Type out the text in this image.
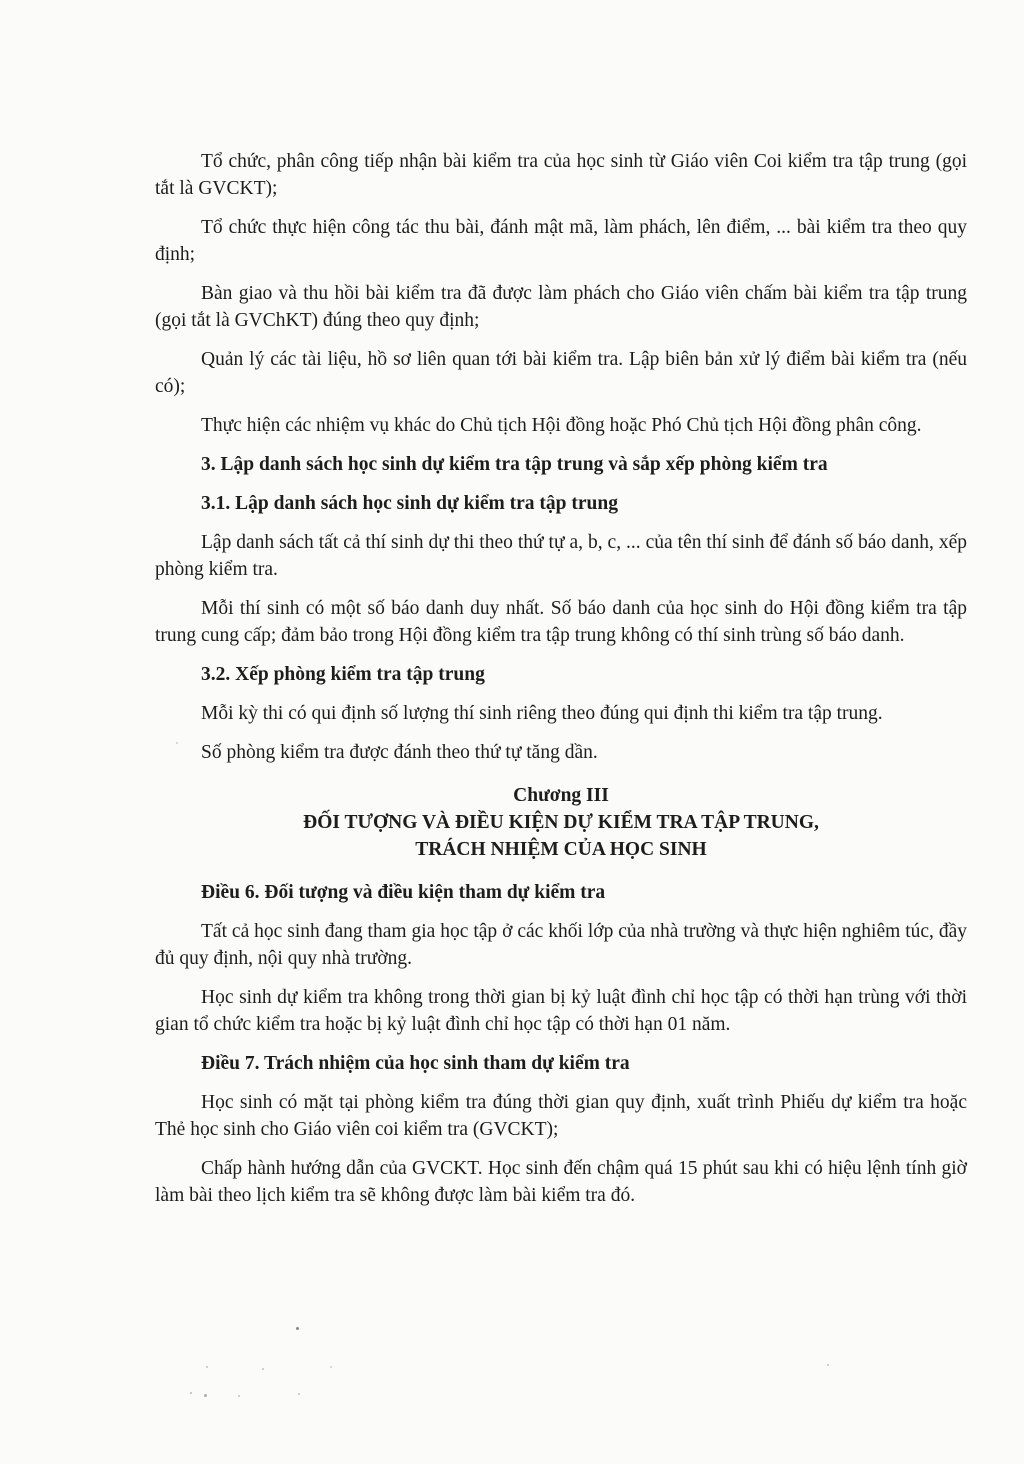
Tổ chức, phân công tiếp nhận bài kiểm tra của học sinh từ Giáo viên Coi kiểm tra tập trung (gọi tắt là GVCKT);

Tổ chức thực hiện công tác thu bài, đánh mật mã, làm phách, lên điểm, ... bài kiểm tra theo quy định;

Bàn giao và thu hồi bài kiểm tra đã được làm phách cho Giáo viên chấm bài kiểm tra tập trung (gọi tắt là GVChKT) đúng theo quy định;

Quản lý các tài liệu, hồ sơ liên quan tới bài kiểm tra. Lập biên bản xử lý điểm bài kiểm tra (nếu có);

Thực hiện các nhiệm vụ khác do Chủ tịch Hội đồng hoặc Phó Chủ tịch Hội đồng phân công.

3. Lập danh sách học sinh dự kiểm tra tập trung và sắp xếp phòng kiểm tra

3.1. Lập danh sách học sinh dự kiểm tra tập trung

Lập danh sách tất cả thí sinh dự thi theo thứ tự a, b, c, ... của tên thí sinh để đánh số báo danh, xếp phòng kiểm tra.

Mỗi thí sinh có một số báo danh duy nhất. Số báo danh của học sinh do Hội đồng kiểm tra tập trung cung cấp; đảm bảo trong Hội đồng kiểm tra tập trung không có thí sinh trùng số báo danh.

3.2. Xếp phòng kiểm tra tập trung

Mỗi kỳ thi có qui định số lượng thí sinh riêng theo đúng qui định thi kiểm tra tập trung.

Số phòng kiểm tra được đánh theo thứ tự tăng dần.

Chương III
ĐỐI TƯỢNG VÀ ĐIỀU KIỆN DỰ KIỂM TRA TẬP TRUNG,
TRÁCH NHIỆM CỦA HỌC SINH

Điều 6. Đối tượng và điều kiện tham dự kiểm tra

Tất cả học sinh đang tham gia học tập ở các khối lớp của nhà trường và thực hiện nghiêm túc, đầy đủ quy định, nội quy nhà trường.

Học sinh dự kiểm tra không trong thời gian bị kỷ luật đình chỉ học tập có thời hạn trùng với thời gian tổ chức kiểm tra hoặc bị kỷ luật đình chỉ học tập có thời hạn 01 năm.

Điều 7. Trách nhiệm của học sinh tham dự kiểm tra

Học sinh có mặt tại phòng kiểm tra đúng thời gian quy định, xuất trình Phiếu dự kiểm tra hoặc Thẻ học sinh cho Giáo viên coi kiểm tra (GVCKT);

Chấp hành hướng dẫn của GVCKT. Học sinh đến chậm quá 15 phút sau khi có hiệu lệnh tính giờ làm bài theo lịch kiểm tra sẽ không được làm bài kiểm tra đó.
